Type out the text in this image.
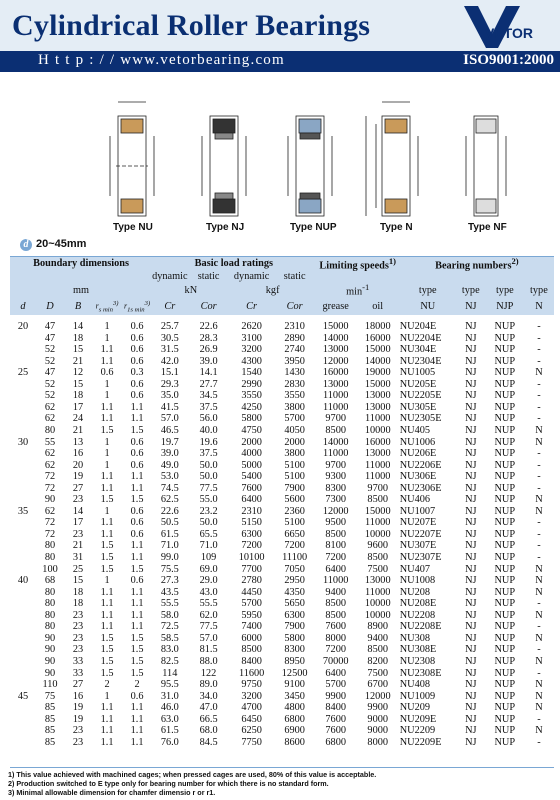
Cylindrical Roller Bearings	VETOR
H t t p : / / www.vetorbearing.com	ISO9001:2000
Type NU	Type NJ	Type NUP	Type N	Type NF
d 20~45mm
Boundary dimensions					Basic load ratings				Limiting speeds$^{1)}$		Bearing numbers$^{2)}$
					dynamic	static	dynamic	static						
mm					kN		kgf		$\min^{-1}$		type	type	type	type
d	D	B	$r_{s min}^{3)}$	$r_{1s min}^{3)}$	Cr	Cor	Cr	Cor	grease	oil	NU	NJ	NJP	N
20	47	14	1	0.6	25.7	22.6	2620	2310	15000	18000	NU204E	NJ	NUP	-
	47	18	1	0.6	30.5	28.3	3100	2890	14000	16000	NU2204E	NJ	NUP	-
	52	15	1.1	0.6	31.5	26.9	3200	2740	13000	15000	NU304E	NJ	NUP	-
	52	21	1.1	0.6	42.0	39.0	4300	3950	12000	14000	NU2304E	NJ	NUP	-
25	47	12	0.6	0.3	15.1	14.1	1540	1430	16000	19000	NU1005	NJ	NUP	N
	52	15	1	0.6	29.3	27.7	2990	2830	13000	15000	NU205E	NJ	NUP	-
	52	18	1	0.6	35.0	34.5	3550	3550	11000	13000	NU2205E	NJ	NUP	-
	62	17	1.1	1.1	41.5	37.5	4250	3800	11000	13000	NU305E	NJ	NUP	-
	62	24	1.1	1.1	57.0	56.0	5800	5700	9700	11000	NU2305E	NJ	NUP	-
	80	21	1.5	1.5	46.5	40.0	4750	4050	8500	10000	NU405	NJ	NUP	N
30	55	13	1	0.6	19.7	19.6	2000	2000	14000	16000	NU1006	NJ	NUP	N
	62	16	1	0.6	39.0	37.5	4000	3800	11000	13000	NU206E	NJ	NUP	-
	62	20	1	0.6	49.0	50.0	5000	5100	9700	11000	NU2206E	NJ	NUP	-
	72	19	1.1	1.1	53.0	50.0	5400	5100	9300	11000	NU306E	NJ	NUP	-
	72	27	1.1	1.1	74.5	77.5	7600	7900	8300	9700	NU2306E	NJ	NUP	-
	90	23	1.5	1.5	62.5	55.0	6400	5600	7300	8500	NU406	NJ	NUP	N
35	62	14	1	0.6	22.6	23.2	2310	2360	12000	15000	NU1007	NJ	NUP	N
	72	17	1.1	0.6	50.5	50.0	5150	5100	9500	11000	NU207E	NJ	NUP	-
	72	23	1.1	0.6	61.5	65.5	6300	6650	8500	10000	NU2207E	NJ	NUP	-
	80	21	1.5	1.1	71.0	71.0	7200	7200	8100	9600	NU307E	NJ	NUP	-
	80	31	1.5	1.1	99.0	109	10100	11100	7200	8500	NU2307E	NJ	NUP	-
	100	25	1.5	1.5	75.5	69.0	7700	7050	6400	7500	NU407	NJ	NUP	N
40	68	15	1	0.6	27.3	29.0	2780	2950	11000	13000	NU1008	NJ	NUP	N
	80	18	1.1	1.1	43.5	43.0	4450	4350	9400	11000	NU208	NJ	NUP	N
	80	18	1.1	1.1	55.5	55.5	5700	5650	8500	10000	NU208E	NJ	NUP	-
	80	23	1.1	1.1	58.0	62.0	5950	6300	8500	10000	NU2208	NJ	NUP	N
	80	23	1.1	1.1	72.5	77.5	7400	7900	7600	8900	NU2208E	NJ	NUP	-
	90	23	1.5	1.5	58.5	57.0	6000	5800	8000	9400	NU308	NJ	NUP	N
	90	23	1.5	1.5	83.0	81.5	8500	8300	7200	8500	NU308E	NJ	NUP	-
	90	33	1.5	1.5	82.5	88.0	8400	8950	70000	8200	NU2308	NJ	NUP	N
	90	33	1.5	1.5	114	122	11600	12500	6400	7500	NU2308E	NJ	NUP	-
	110	27	2	2	95.5	89.0	9750	9100	5700	6700	NU408	NJ	NUP	N
45	75	16	1	0.6	31.0	34.0	3200	3450	9900	12000	NU1009	NJ	NUP	N
	85	19	1.1	1.1	46.0	47.0	4700	4800	8400	9900	NU209	NJ	NUP	N
	85	19	1.1	1.1	63.0	66.5	6450	6800	7600	9000	NU209E	NJ	NUP	-
	85	23	1.1	1.1	61.5	68.0	6250	6900	7600	9000	NU2209	NJ	NUP	N
	85	23	1.1	1.1	76.0	84.5	7750	8600	6800	8000	NU2209E	NJ	NUP	-
1) This value achieved with machined cages; when pressed cages are used, 80% of this value is acceptable.
2) Production switched to E type only for bearing number for which there is no standard form.
3) Minimal allowable dimension for chamfer dimensio r or r1.
